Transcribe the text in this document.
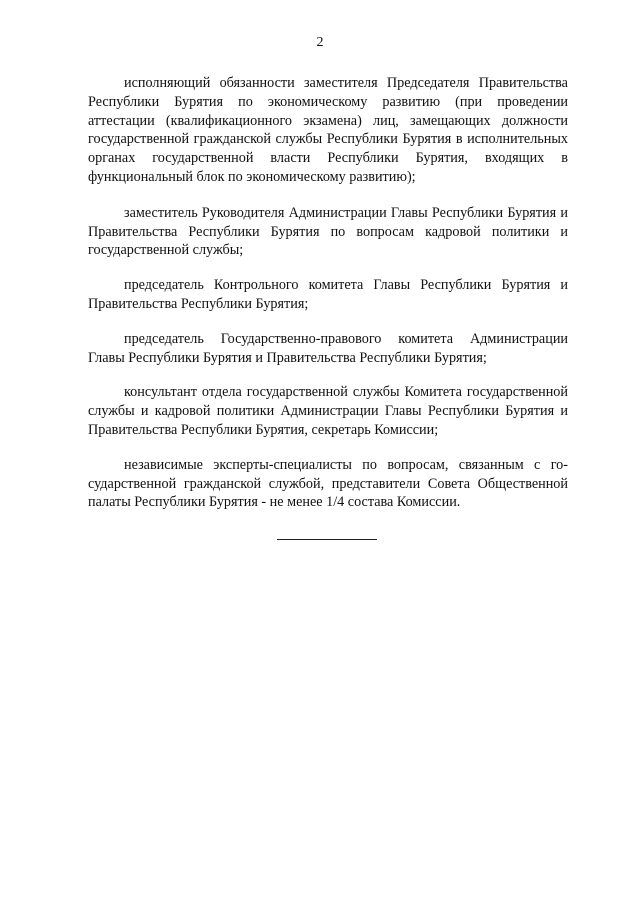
2

исполняющий обязанности заместителя Председателя Правительства Республики Бурятия по экономическому развитию (при проведении аттестации (квалификационного экзамена) лиц, замещающих должности государственной гражданской службы Республики Бурятия в исполнительных органах государственной власти Республики Бурятия, входящих в функциональный блок по экономическому развитию);

заместитель Руководителя Администрации Главы Республики Бурятия и Правительства Республики Бурятия по вопросам кадровой политики и государственной службы;

председатель Контрольного комитета Главы Республики Бурятия и Правительства Республики Бурятия;

председатель Государственно-правового комитета Администрации Главы Республики Бурятия и Правительства Республики Бурятия;

консультант отдела государственной службы Комитета государственной службы и кадровой политики Администрации Главы Республики Бурятия и Правительства Республики Бурятия, секретарь Комиссии;

независимые эксперты-специалисты по вопросам, связанным с государственной гражданской службой, представители Совета Общественной палаты Республики Бурятия - не менее 1/4 состава Комиссии.
